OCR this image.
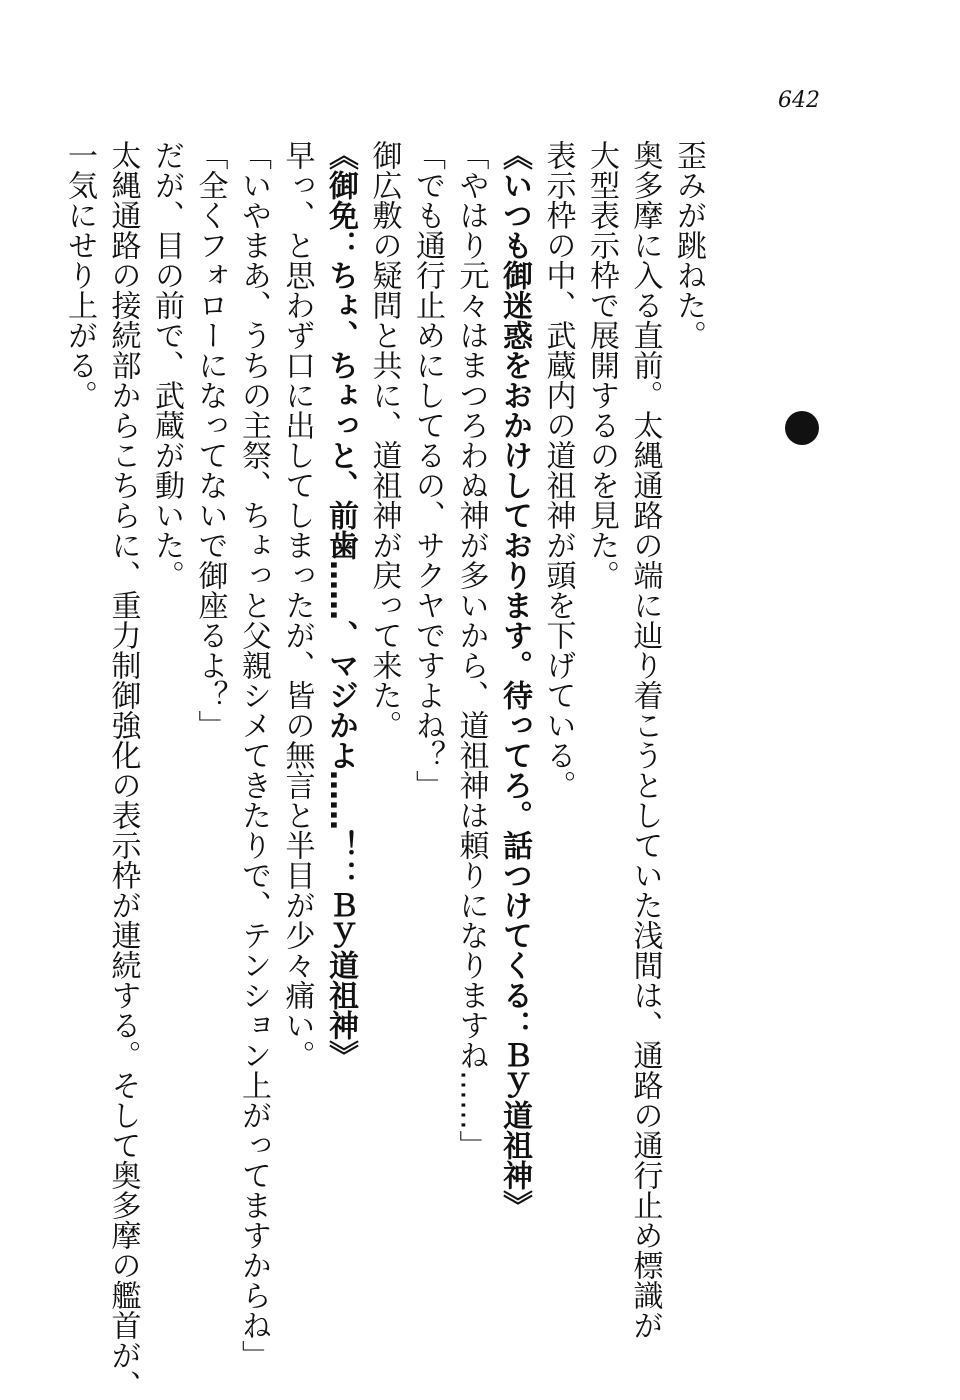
642
歪みが跳ねた。
奥多摩に入る直前。太縄通路の端に辿り着こうとしていた浅間は、通路の通行止め標識が
大型表示枠で展開するのを見た。
表示枠の中、武蔵内の道祖神が頭を下げている。
《いつも御迷惑をおかけしております。待ってろ。話つけてくる：Ｂｙ道祖神》
「やはり元々はまつろわぬ神が多いから、道祖神は頼りになりますね……」
「でも通行止めにしてるの、サクヤですよね？」
御広敷の疑問と共に、道祖神が戻って来た。
《御免：ちょ、ちょっと、前歯……、マジかよ……！：Ｂｙ道祖神》
早っ、と思わず口に出してしまったが、皆の無言と半目が少々痛い。
「いやまあ、うちの主祭、ちょっと父親シメてきたりで、テンション上がってますからね」
「全くフォローになってないで御座るよ？」
だが、目の前で、武蔵が動いた。
太縄通路の接続部からこちらに、重力制御強化の表示枠が連続する。そして奥多摩の艦首が、
一気にせり上がる。
